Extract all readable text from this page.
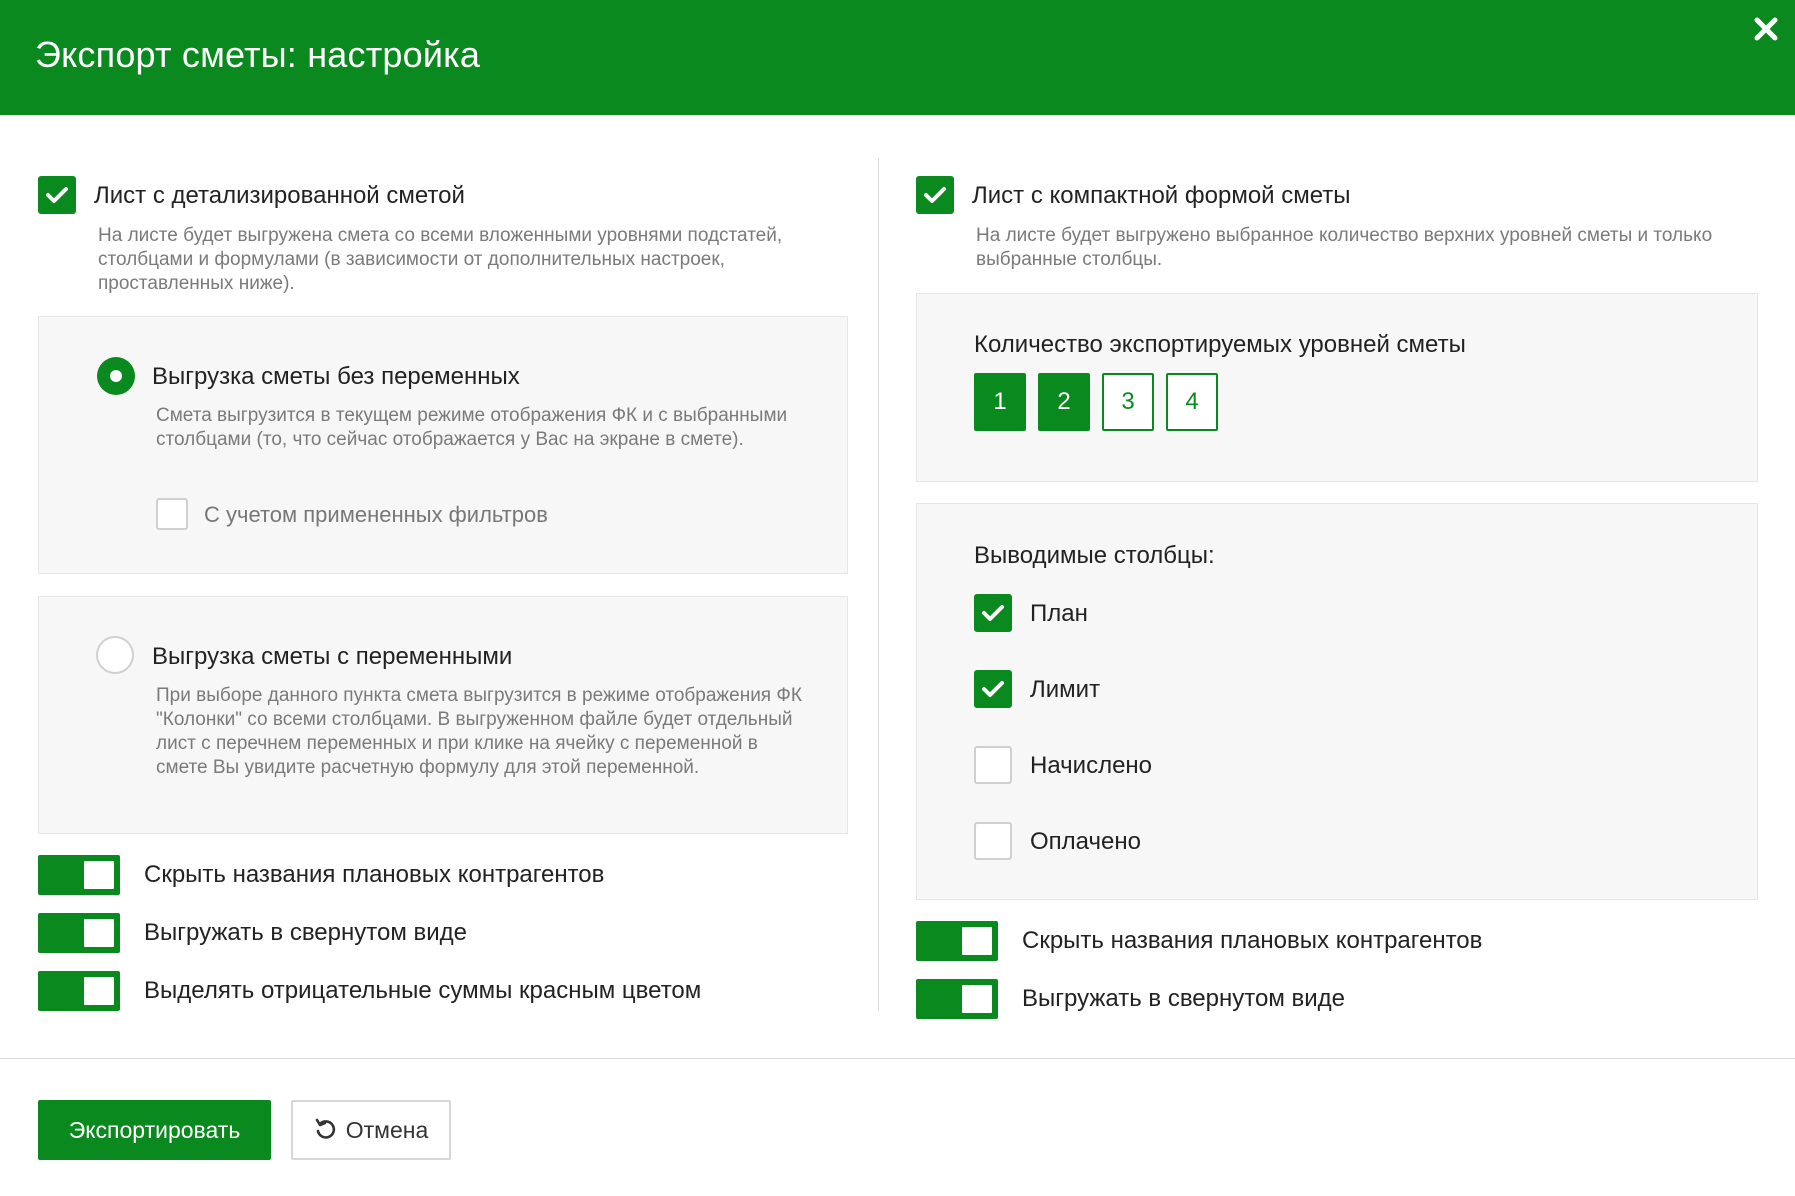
Экспорт сметы: настройка
Лист с детализированной сметой
На листе будет выгружена смета со всеми вложенными уровнями подстатей, столбцами и формулами (в зависимости от дополнительных настроек, проставленных ниже).
Выгрузка сметы без переменных
Смета выгрузится в текущем режиме отображения ФК и с выбранными столбцами (то, что сейчас отображается у Вас на экране в смете).
С учетом примененных фильтров
Выгрузка сметы с переменными
При выборе данного пункта смета выгрузится в режиме отображения ФК "Колонки" со всеми столбцами. В выгруженном файле будет отдельный лист с перечнем переменных и при клике на ячейку с переменной в смете Вы увидите расчетную формулу для этой переменной.
Скрыть названия плановых контрагентов
Выгружать в свернутом виде
Выделять отрицательные суммы красным цветом
Лист с компактной формой сметы
На листе будет выгружено выбранное количество верхних уровней сметы и только выбранные столбцы.
Количество экспортируемых уровней сметы
1	2	3	4
Выводимые столбцы:
План
Лимит
Начислено
Оплачено
Скрыть названия плановых контрагентов
Выгружать в свернутом виде
Экспортировать	Отмена
